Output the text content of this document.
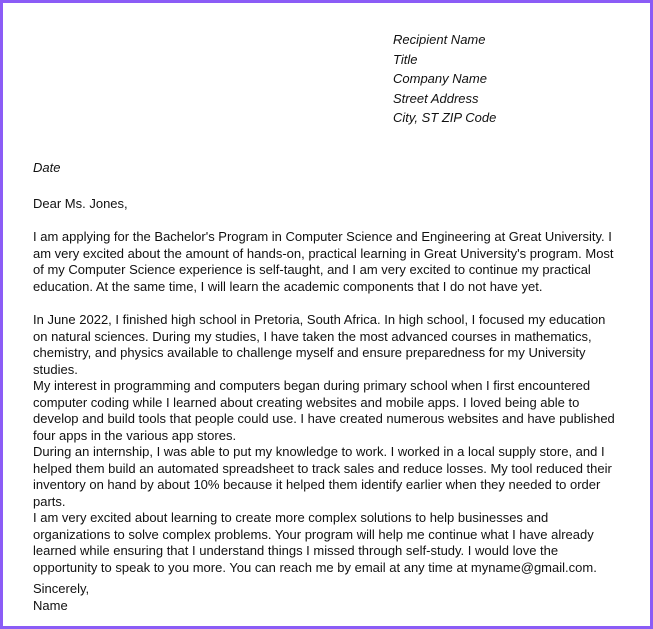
Recipient Name
Title
Company Name
Street Address
City, ST ZIP Code
Date
Dear Ms. Jones,

I am applying for the Bachelor's Program in Computer Science and Engineering at Great University. I am very excited about the amount of hands-on, practical learning in Great University's program. Most of my Computer Science experience is self-taught, and I am very excited to continue my practical education. At the same time, I will learn the academic components that I do not have yet.

In June 2022, I finished high school in Pretoria, South Africa. In high school, I focused my education on natural sciences. During my studies, I have taken the most advanced courses in mathematics, chemistry, and physics available to challenge myself and ensure preparedness for my University studies.
My interest in programming and computers began during primary school when I first encountered computer coding while I learned about creating websites and mobile apps. I loved being able to develop and build tools that people could use. I have created numerous websites and have published four apps in the various app stores.
During an internship, I was able to put my knowledge to work. I worked in a local supply store, and I helped them build an automated spreadsheet to track sales and reduce losses. My tool reduced their inventory on hand by about 10% because it helped them identify earlier when they needed to order parts.
I am very excited about learning to create more complex solutions to help businesses and organizations to solve complex problems. Your program will help me continue what I have already learned while ensuring that I understand things I missed through self-study. I would love the opportunity to speak to you more. You can reach me by email at any time at myname@gmail.com.
Sincerely,
Name
